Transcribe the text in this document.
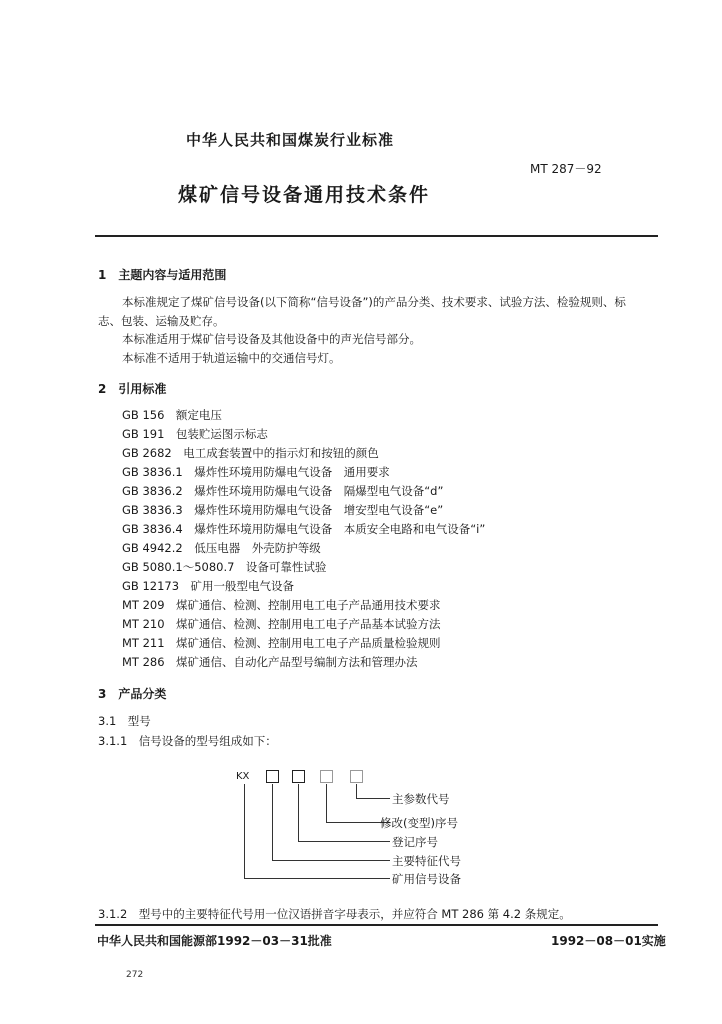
中华人民共和国煤炭行业标准
MT 287－92
煤矿信号设备通用技术条件
1　主题内容与适用范围
本标准规定了煤矿信号设备(以下简称“信号设备”)的产品分类、技术要求、试验方法、检验规则、标
志、包装、运输及贮存。
本标准适用于煤矿信号设备及其他设备中的声光信号部分。
本标准不适用于轨道运输中的交通信号灯。
2　引用标准
GB 156　额定电压
GB 191　包装贮运图示标志
GB 2682　电工成套装置中的指示灯和按钮的颜色
GB 3836.1　爆炸性环境用防爆电气设备　通用要求
GB 3836.2　爆炸性环境用防爆电气设备　隔爆型电气设备“d”
GB 3836.3　爆炸性环境用防爆电气设备　增安型电气设备“e”
GB 3836.4　爆炸性环境用防爆电气设备　本质安全电路和电气设备“i”
GB 4942.2　低压电器　外壳防护等级
GB 5080.1～5080.7　设备可靠性试验
GB 12173　矿用一般型电气设备
MT 209　煤矿通信、检测、控制用电工电子产品通用技术要求
MT 210　煤矿通信、检测、控制用电工电子产品基本试验方法
MT 211　煤矿通信、检测、控制用电工电子产品质量检验规则
MT 286　煤矿通信、自动化产品型号编制方法和管理办法
3　产品分类
3.1　型号
3.1.1　信号设备的型号组成如下：
KX
主参数代号
修改(变型)序号
登记序号
主要特征代号
矿用信号设备
3.1.2　型号中的主要特征代号用一位汉语拼音字母表示，并应符合 MT 286 第 4.2 条规定。
中华人民共和国能源部1992－03－31批准	1992－08－01实施
272
